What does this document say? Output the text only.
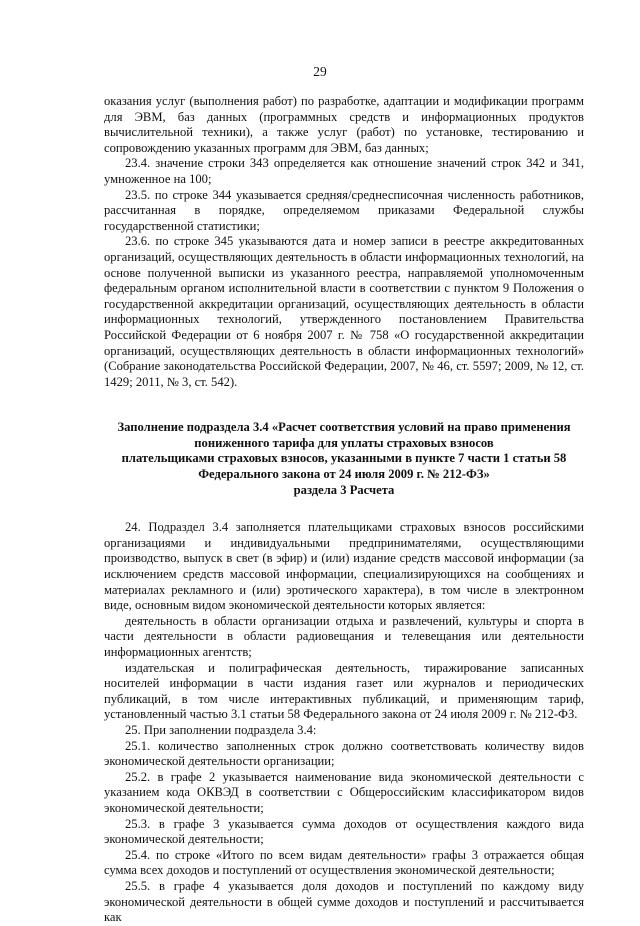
29

оказания услуг (выполнения работ) по разработке, адаптации и модификации программ для ЭВМ, баз данных (программных средств и информационных продуктов вычислительной техники), а также услуг (работ) по установке, тестированию и сопровождению указанных программ для ЭВМ, баз данных;

23.4. значение строки 343 определяется как отношение значений строк 342 и 341, умноженное на 100;

23.5. по строке 344 указывается средняя/среднесписочная численность работников, рассчитанная в порядке, определяемом приказами Федеральной службы государственной статистики;

23.6. по строке 345 указываются дата и номер записи в реестре аккредитованных организаций, осуществляющих деятельность в области информационных технологий, на основе полученной выписки из указанного реестра, направляемой уполномоченным федеральным органом исполнительной власти в соответствии с пунктом 9 Положения о государственной аккредитации организаций, осуществляющих деятельность в области информационных технологий, утвержденного постановлением Правительства Российской Федерации от 6 ноября 2007 г. № 758 «О государственной аккредитации организаций, осуществляющих деятельность в области информационных технологий» (Собрание законодательства Российской Федерации, 2007, № 46, ст. 5597; 2009, № 12, ст. 1429; 2011, № 3, ст. 542).

Заполнение подраздела 3.4 «Расчет соответствия условий на право применения
пониженного тарифа для уплаты страховых взносов
плательщиками страховых взносов, указанными в пункте 7 части 1 статьи 58
Федерального закона от 24 июля 2009 г. № 212-ФЗ»
раздела 3 Расчета

24. Подраздел 3.4 заполняется плательщиками страховых взносов российскими организациями и индивидуальными предпринимателями, осуществляющими производство, выпуск в свет (в эфир) и (или) издание средств массовой информации (за исключением средств массовой информации, специализирующихся на сообщениях и материалах рекламного и (или) эротического характера), в том числе в электронном виде, основным видом экономической деятельности которых является:

деятельность в области организации отдыха и развлечений, культуры и спорта в части деятельности в области радиовещания и телевещания или деятельности информационных агентств;

издательская и полиграфическая деятельность, тиражирование записанных носителей информации в части издания газет или журналов и периодических публикаций, в том числе интерактивных публикаций, и применяющим тариф, установленный частью 3.1 статьи 58 Федерального закона от 24 июля 2009 г. № 212-ФЗ.

25. При заполнении подраздела 3.4:

25.1. количество заполненных строк должно соответствовать количеству видов экономической деятельности организации;

25.2. в графе 2 указывается наименование вида экономической деятельности с указанием кода ОКВЭД в соответствии с Общероссийским классификатором видов экономической деятельности;

25.3. в графе 3 указывается сумма доходов от осуществления каждого вида экономической деятельности;

25.4. по строке «Итого по всем видам деятельности» графы 3 отражается общая сумма всех доходов и поступлений от осуществления экономической деятельности;

25.5. в графе 4 указывается доля доходов и поступлений по каждому виду экономической деятельности в общей сумме доходов и поступлений и рассчитывается как
